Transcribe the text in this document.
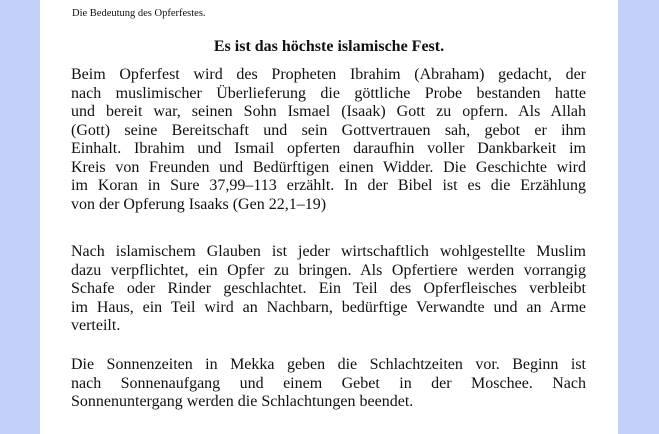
Die Bedeutung des Opferfestes.
Es ist das höchste islamische Fest.

Beim Opferfest wird des Propheten Ibrahim (Abraham) gedacht, der
nach muslimischer Überlieferung die göttliche Probe bestanden hatte
und bereit war, seinen Sohn Ismael (Isaak) Gott zu opfern. Als Allah
(Gott) seine Bereitschaft und sein Gottvertrauen sah, gebot er ihm
Einhalt. Ibrahim und Ismail opferten daraufhin voller Dankbarkeit im
Kreis von Freunden und Bedürftigen einen Widder. Die Geschichte wird
im Koran in Sure 37,99–113 erzählt. In der Bibel ist es die Erzählung
von der Opferung Isaaks (Gen 22,1–19)

Nach islamischem Glauben ist jeder wirtschaftlich wohlgestellte Muslim
dazu verpflichtet, ein Opfer zu bringen. Als Opfertiere werden vorrangig
Schafe oder Rinder geschlachtet. Ein Teil des Opferfleisches verbleibt
im Haus, ein Teil wird an Nachbarn, bedürftige Verwandte und an Arme
verteilt.

Die Sonnenzeiten in Mekka geben die Schlachtzeiten vor. Beginn ist
nach Sonnenaufgang und einem Gebet in der Moschee. Nach
Sonnenuntergang werden die Schlachtungen beendet.
